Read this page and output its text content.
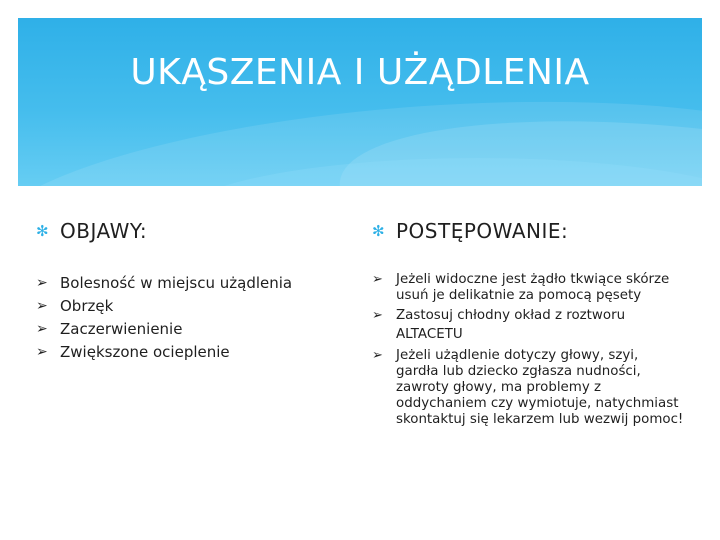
UKĄSZENIA I UŻĄDLENIA
✻ OBJAWY:
➢ Bolesność w miejscu użądlenia
➢ Obrzęk
➢ Zaczerwienienie
➢ Zwiększone ocieplenie
✻ POSTĘPOWANIE:
➢ Jeżeli widoczne jest żądło tkwiące skórze usuń je delikatnie za pomocą pęsety
➢ Zastosuj chłodny okład z roztworu
ALTACETU
➢ Jeżeli użądlenie dotyczy głowy, szyi, gardła lub dziecko zgłasza nudności, zawroty głowy, ma problemy z oddychaniem czy wymiotuje, natychmiast skontaktuj się lekarzem lub wezwij pomoc!
